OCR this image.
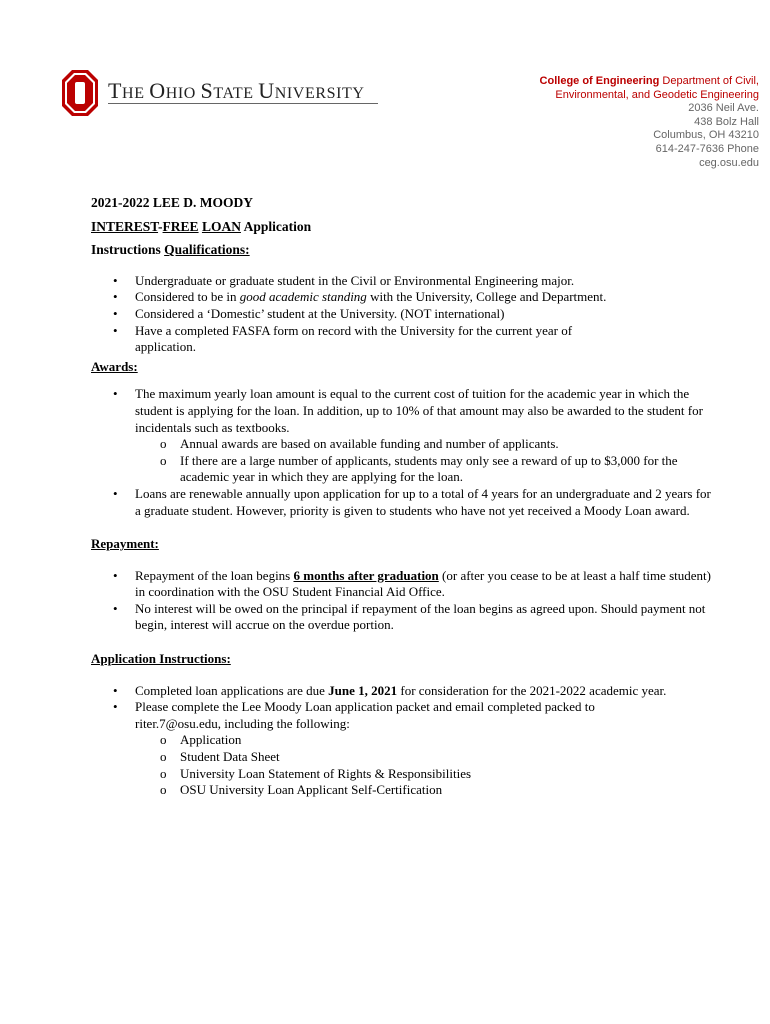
THE OHIO STATE UNIVERSITY
College of Engineering Department of Civil,
Environmental, and Geodetic Engineering
2036 Neil Ave.
438 Bolz Hall
Columbus, OH 43210
614-247-7636 Phone
ceg.osu.edu

2021-2022 LEE D. MOODY

INTEREST-FREE LOAN Application

Instructions Qualifications:

• Undergraduate or graduate student in the Civil or Environmental Engineering major.
• Considered to be in good academic standing with the University, College and Department.
• Considered a ‘Domestic’ student at the University. (NOT international)
• Have a completed FASFA form on record with the University for the current year of application.

Awards:

• The maximum yearly loan amount is equal to the current cost of tuition for the academic year in which the student is applying for the loan. In addition, up to 10% of that amount may also be awarded to the student for incidentals such as textbooks.
o Annual awards are based on available funding and number of applicants.
o If there are a large number of applicants, students may only see a reward of up to $3,000 for the academic year in which they are applying for the loan.
• Loans are renewable annually upon application for up to a total of 4 years for an undergraduate and 2 years for a graduate student. However, priority is given to students who have not yet received a Moody Loan award.

Repayment:

• Repayment of the loan begins 6 months after graduation (or after you cease to be at least a half time student) in coordination with the OSU Student Financial Aid Office.
• No interest will be owed on the principal if repayment of the loan begins as agreed upon. Should payment not begin, interest will accrue on the overdue portion.

Application Instructions:

• Completed loan applications are due June 1, 2021 for consideration for the 2021-2022 academic year.
• Please complete the Lee Moody Loan application packet and email completed packed to riter.7@osu.edu, including the following:
o Application
o Student Data Sheet
o University Loan Statement of Rights & Responsibilities
o OSU University Loan Applicant Self-Certification
